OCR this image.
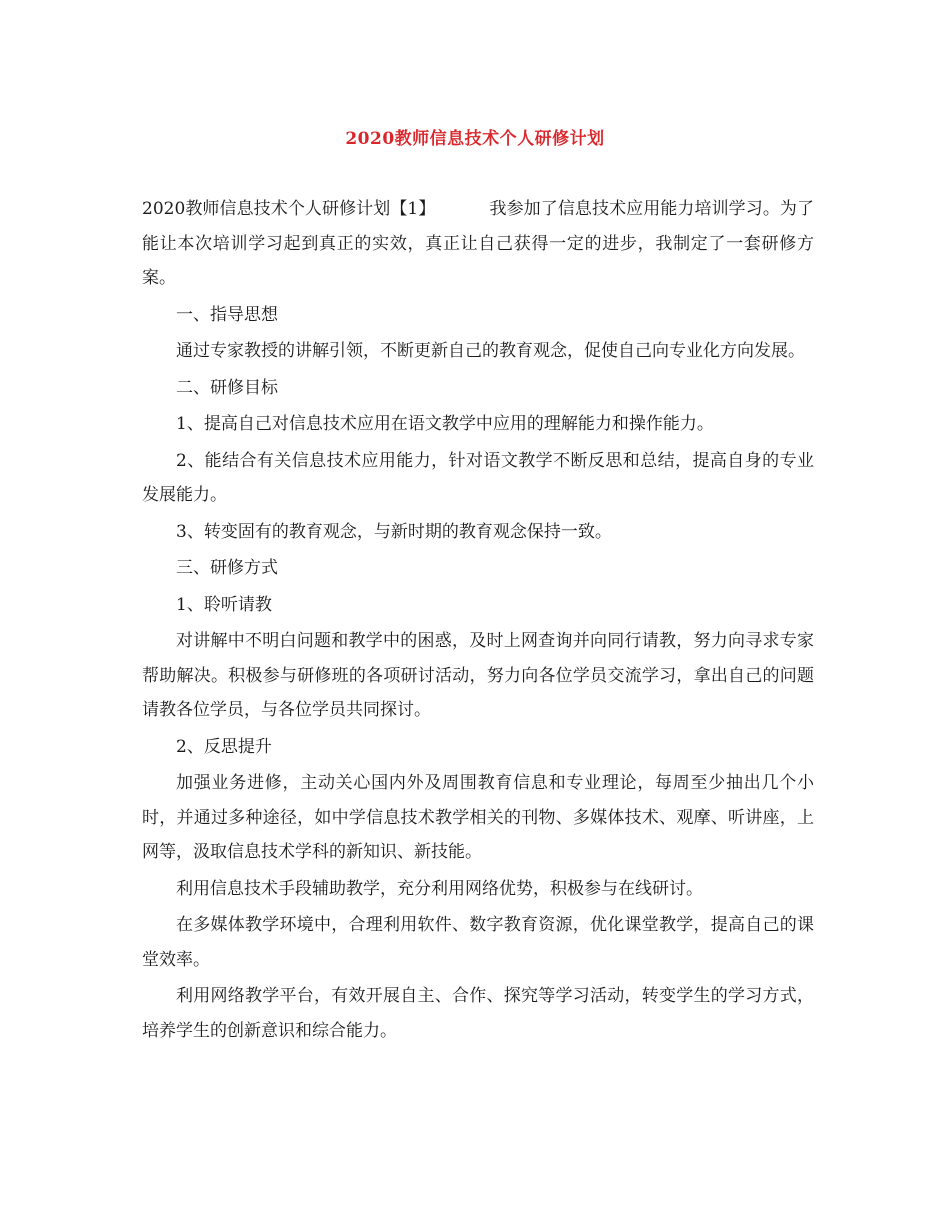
2020教师信息技术个人研修计划

2020教师信息技术个人研修计划【1】	我参加了信息技术应用能力培训学习。为了能让本次培训学习起到真正的实效，真正让自己获得一定的进步，我制定了一套研修方案。

一、指导思想

通过专家教授的讲解引领，不断更新自己的教育观念，促使自己向专业化方向发展。

二、研修目标

1、提高自己对信息技术应用在语文教学中应用的理解能力和操作能力。

2、能结合有关信息技术应用能力，针对语文教学不断反思和总结，提高自身的专业发展能力。

3、转变固有的教育观念，与新时期的教育观念保持一致。

三、研修方式

1、聆听请教

对讲解中不明白问题和教学中的困惑，及时上网查询并向同行请教，努力向寻求专家帮助解决。积极参与研修班的各项研讨活动，努力向各位学员交流学习，拿出自己的问题请教各位学员，与各位学员共同探讨。

2、反思提升

加强业务进修，主动关心国内外及周围教育信息和专业理论，每周至少抽出几个小时，并通过多种途径，如中学信息技术教学相关的刊物、多媒体技术、观摩、听讲座，上网等，汲取信息技术学科的新知识、新技能。

利用信息技术手段辅助教学，充分利用网络优势，积极参与在线研讨。

在多媒体教学环境中，合理利用软件、数字教育资源，优化课堂教学，提高自己的课堂效率。

利用网络教学平台，有效开展自主、合作、探究等学习活动，转变学生的学习方式，培养学生的创新意识和综合能力。
